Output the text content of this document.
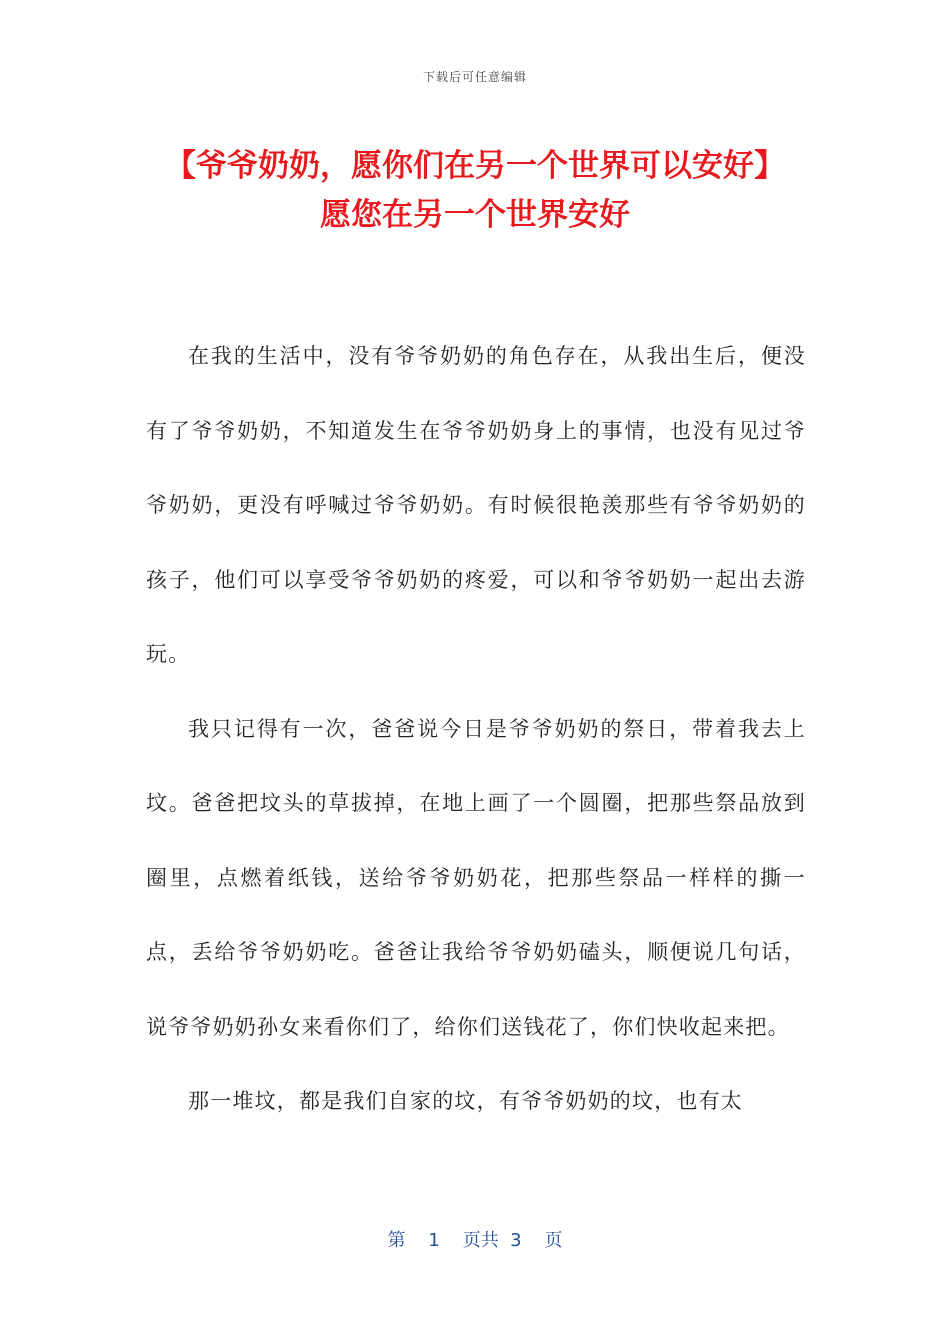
下载后可任意编辑
【爷爷奶奶，愿你们在另一个世界可以安好】愿您在另一个世界安好

在我的生活中，没有爷爷奶奶的角色存在，从我出生后，便没有了爷爷奶奶，不知道发生在爷爷奶奶身上的事情，也没有见过爷爷奶奶，更没有呼喊过爷爷奶奶。有时候很艳羡那些有爷爷奶奶的孩子，他们可以享受爷爷奶奶的疼爱，可以和爷爷奶奶一起出去游玩。

我只记得有一次，爸爸说今日是爷爷奶奶的祭日，带着我去上坟。爸爸把坟头的草拔掉，在地上画了一个圆圈，把那些祭品放到圈里，点燃着纸钱，送给爷爷奶奶花，把那些祭品一样样的撕一点，丢给爷爷奶奶吃。爸爸让我给爷爷奶奶磕头，顺便说几句话，说爷爷奶奶孙女来看你们了，给你们送钱花了，你们快收起来把。

那一堆坟，都是我们自家的坟，有爷爷奶奶的坟，也有太

第 1 页共 3 页
